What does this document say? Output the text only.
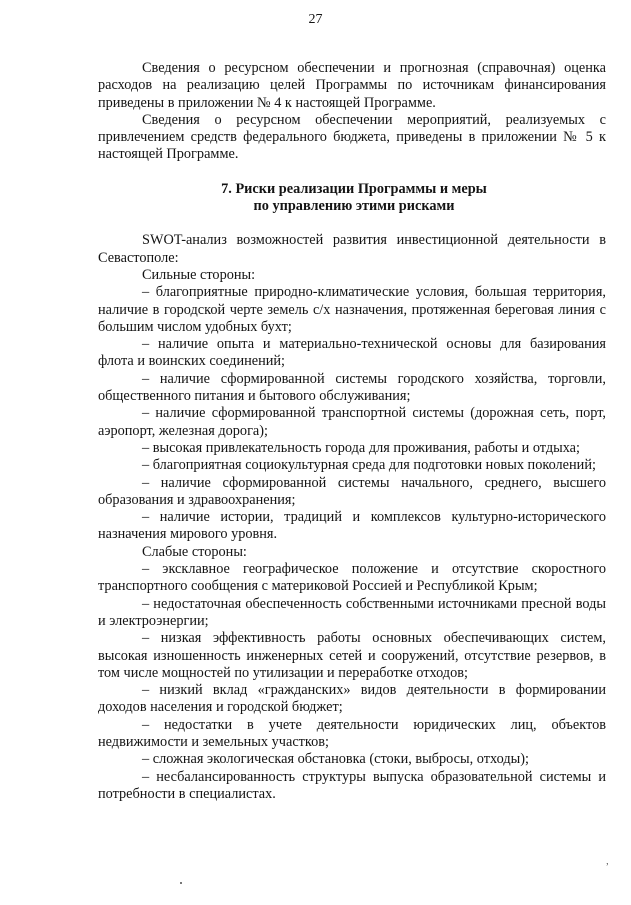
27

Сведения о ресурсном обеспечении и прогнозная (справочная) оценка расходов на реализацию целей Программы по источникам финансирования приведены в приложении № 4 к настоящей Программе.

Сведения о ресурсном обеспечении мероприятий, реализуемых с привлечением средств федерального бюджета, приведены в приложении № 5 к настоящей Программе.

7. Риски реализации Программы и меры
по управлению этими рисками

SWOT-анализ возможностей развития инвестиционной деятельности в Севастополе:

Сильные стороны:

– благоприятные природно-климатические условия, большая территория, наличие в городской черте земель с/х назначения, протяженная береговая линия с большим числом удобных бухт;

– наличие опыта и материально-технической основы для базирования флота и воинских соединений;

– наличие сформированной системы городского хозяйства, торговли, общественного питания и бытового обслуживания;

– наличие сформированной транспортной системы (дорожная сеть, порт, аэропорт, железная дорога);

– высокая привлекательность города для проживания, работы и отдыха;

– благоприятная социокультурная среда для подготовки новых поколений;

– наличие сформированной системы начального, среднего, высшего образования и здравоохранения;

– наличие истории, традиций и комплексов культурно-исторического назначения мирового уровня.

Слабые стороны:

– эксклавное географическое положение и отсутствие скоростного транспортного сообщения с материковой Россией и Республикой Крым;

– недостаточная обеспеченность собственными источниками пресной воды и электроэнергии;

– низкая эффективность работы основных обеспечивающих систем, высокая изношенность инженерных сетей и сооружений, отсутствие резервов, в том числе мощностей по утилизации и переработке отходов;

– низкий вклад «гражданских» видов деятельности в формировании доходов населения и городской бюджет;

– недостатки в учете деятельности юридических лиц, объектов недвижимости и земельных участков;

– сложная экологическая обстановка (стоки, выбросы, отходы);

– несбалансированность структуры выпуска образовательной системы и потребности в специалистах.

ʼ
